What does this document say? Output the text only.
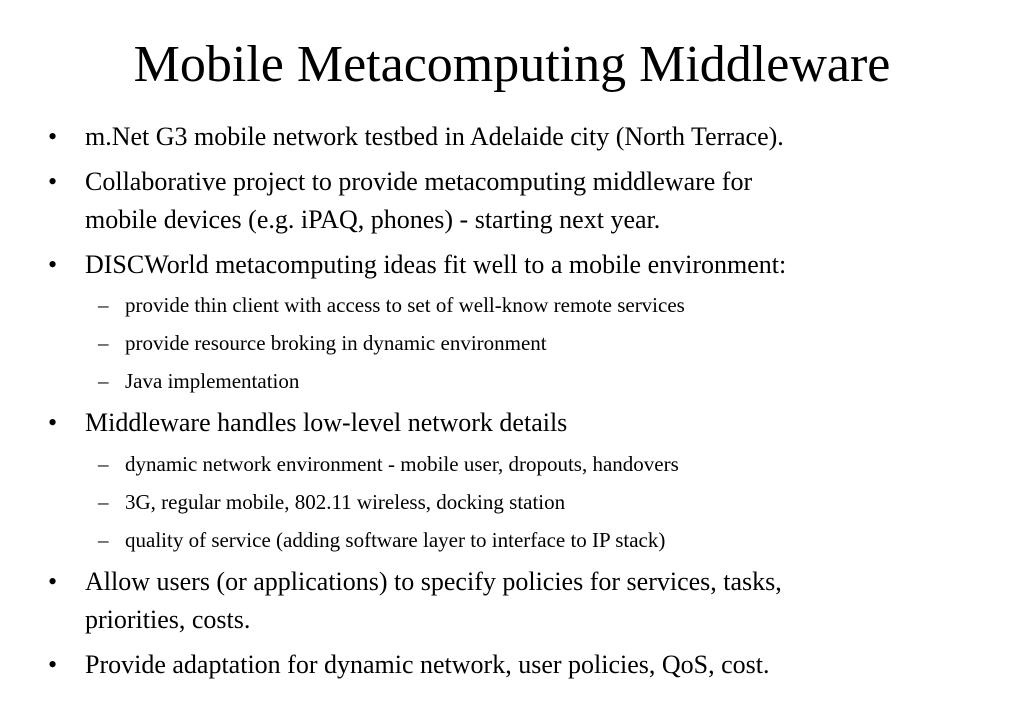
Mobile Metacomputing Middleware
• m.Net G3 mobile network testbed in Adelaide city (North Terrace).
• Collaborative project to provide metacomputing middleware for
mobile devices (e.g. iPAQ, phones) - starting next year.
• DISCWorld metacomputing ideas fit well to a mobile environment:
– provide thin client with access to set of well-know remote services
– provide resource broking in dynamic environment
– Java implementation
• Middleware handles low-level network details
– dynamic network environment - mobile user, dropouts, handovers
– 3G, regular mobile, 802.11 wireless, docking station
– quality of service (adding software layer to interface to IP stack)
• Allow users (or applications) to specify policies for services, tasks,
priorities, costs.
• Provide adaptation for dynamic network, user policies, QoS, cost.
